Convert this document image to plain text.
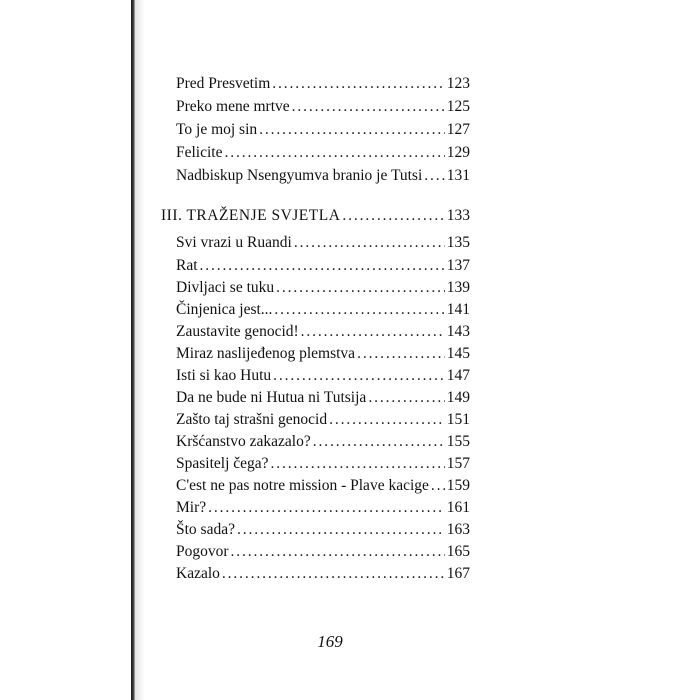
Pred Presvetim . . .	123
Preko mene mrtve . . .	125
To je moj sin . . .	127
Felicite . . .	129
Nadbiskup Nsengyumva branio je Tutsi . . . 131
III. TRAŽENJE SVJETLA . . .	133
Svi vrazi u Ruandi . . .	135
Rat . . .	137
Divljaci se tuku . . .	139
Činjenica jest... . . .	141
Zaustavite genocid! . . .	143
Miraz naslijeđenog plemstva . . .	145
Isti si kao Hutu . . .	147
Da ne bude ni Hutua ni Tutsija . . .	149
Zašto taj strašni genocid . . .	151
Kršćanstvo zakazalo? . . .	155
Spasitelj čega? . . .	157
C'est ne pas notre mission - Plave kacige . . . 159
Mir? . . .	161
Što sada? . . .	163
Pogovor . . .	165
Kazalo . . .	167
169
